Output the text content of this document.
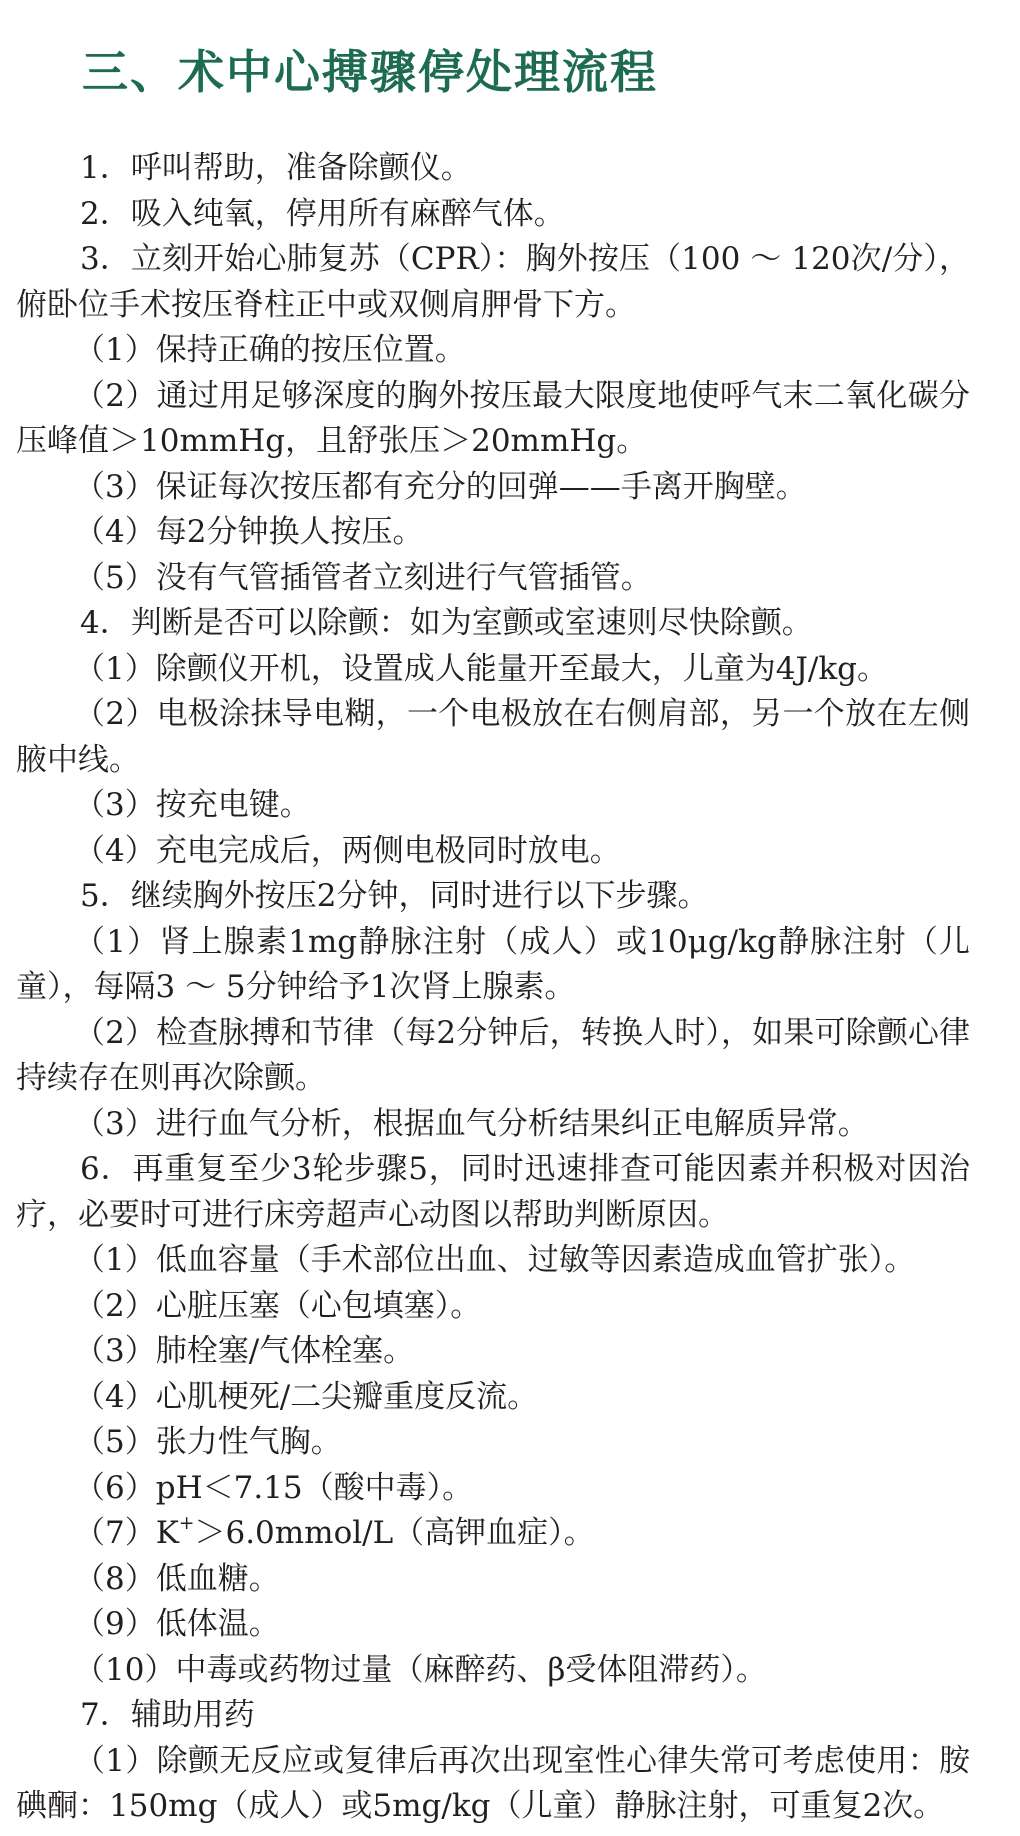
三、术中心搏骤停处理流程

1．呼叫帮助，准备除颤仪。

2．吸入纯氧，停用所有麻醉气体。

3．立刻开始心肺复苏（CPR）：胸外按压（100 ～ 120次/分），俯卧位手术按压脊柱正中或双侧肩胛骨下方。

（1）保持正确的按压位置。

（2）通过用足够深度的胸外按压最大限度地使呼气末二氧化碳分压峰值＞10mmHg，且舒张压＞20mmHg。

（3）保证每次按压都有充分的回弹——手离开胸壁。

（4）每2分钟换人按压。

（5）没有气管插管者立刻进行气管插管。

4．判断是否可以除颤：如为室颤或室速则尽快除颤。

（1）除颤仪开机，设置成人能量开至最大，儿童为4J/kg。

（2）电极涂抹导电糊，一个电极放在右侧肩部，另一个放在左侧腋中线。

（3）按充电键。

（4）充电完成后，两侧电极同时放电。

5．继续胸外按压2分钟，同时进行以下步骤。

（1）肾上腺素1mg静脉注射（成人）或10μg/kg静脉注射（儿童），每隔3 ～ 5分钟给予1次肾上腺素。

（2）检查脉搏和节律（每2分钟后，转换人时），如果可除颤心律持续存在则再次除颤。

（3）进行血气分析，根据血气分析结果纠正电解质异常。

6．再重复至少3轮步骤5，同时迅速排查可能因素并积极对因治疗，必要时可进行床旁超声心动图以帮助判断原因。

（1）低血容量（手术部位出血、过敏等因素造成血管扩张）。

（2）心脏压塞（心包填塞）。

（3）肺栓塞/气体栓塞。

（4）心肌梗死/二尖瓣重度反流。

（5）张力性气胸。

（6）pH＜7.15（酸中毒）。

（7）K+＞6.0mmol/L（高钾血症）。

（8）低血糖。

（9）低体温。

（10）中毒或药物过量（麻醉药、β受体阻滞药）。

7．辅助用药

（1）除颤无反应或复律后再次出现室性心律失常可考虑使用：胺碘酮：150mg（成人）或5mg/kg（儿童）静脉注射，可重复2次。
